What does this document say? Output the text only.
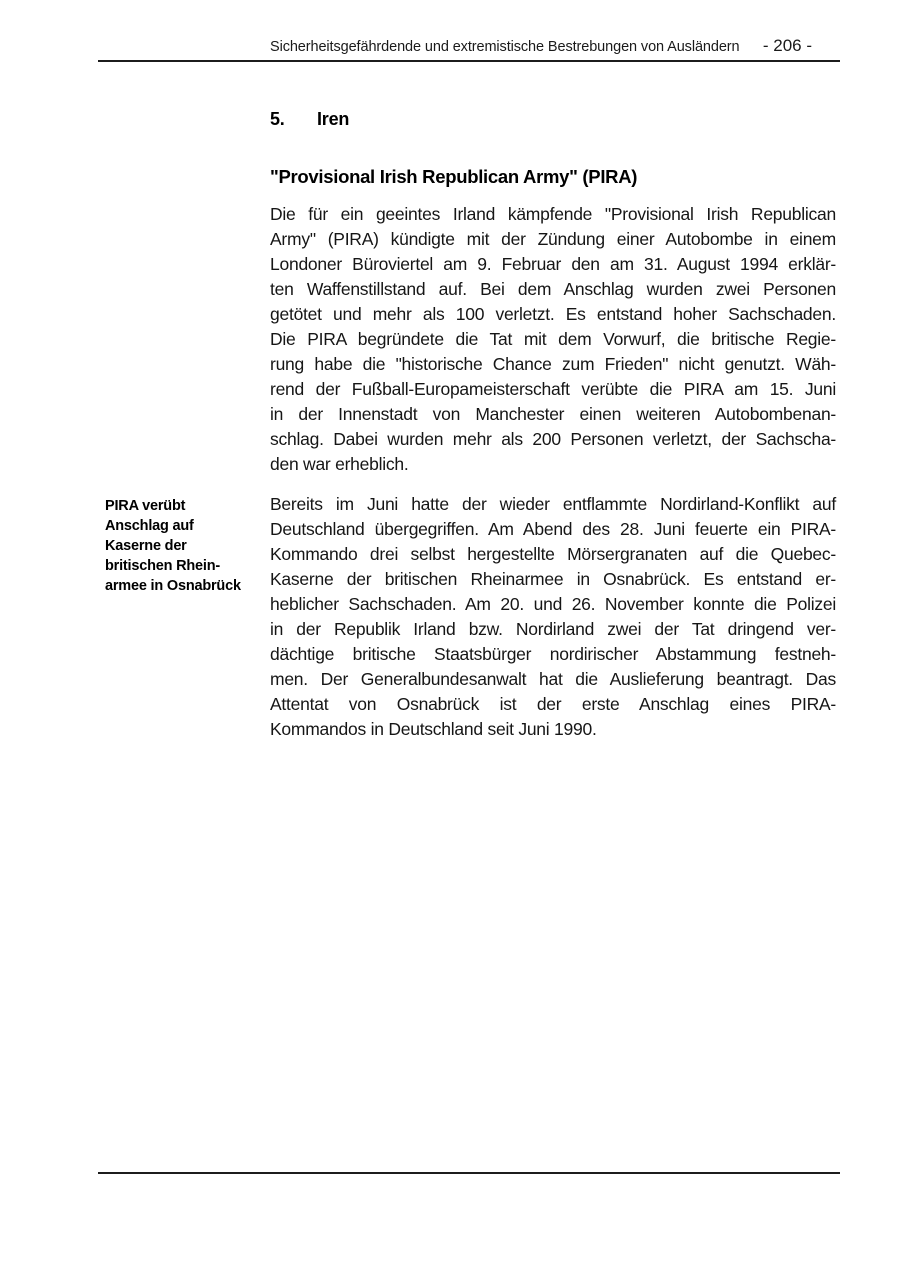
Sicherheitsgefährdende und extremistische Bestrebungen von Ausländern - 206 -
5. Iren
"Provisional Irish Republican Army" (PIRA)
Die für ein geeintes Irland kämpfende "Provisional Irish Republican
Army" (PIRA) kündigte mit der Zündung einer Autobombe in einem
Londoner Büroviertel am 9. Februar den am 31. August 1994 erklär-
ten Waffenstillstand auf. Bei dem Anschlag wurden zwei Personen
getötet und mehr als 100 verletzt. Es entstand hoher Sachschaden.
Die PIRA begründete die Tat mit dem Vorwurf, die britische Regie-
rung habe die "historische Chance zum Frieden" nicht genutzt. Wäh-
rend der Fußball-Europameisterschaft verübte die PIRA am 15. Juni
in der Innenstadt von Manchester einen weiteren Autobombenan-
schlag. Dabei wurden mehr als 200 Personen verletzt, der Sachscha-
den war erheblich.
PIRA verübt
Anschlag auf
Kaserne der
britischen Rhein-
armee in Osnabrück
Bereits im Juni hatte der wieder entflammte Nordirland-Konflikt auf
Deutschland übergegriffen. Am Abend des 28. Juni feuerte ein PIRA-
Kommando drei selbst hergestellte Mörsergranaten auf die Quebec-
Kaserne der britischen Rheinarmee in Osnabrück. Es entstand er-
heblicher Sachschaden. Am 20. und 26. November konnte die Polizei
in der Republik Irland bzw. Nordirland zwei der Tat dringend ver-
dächtige britische Staatsbürger nordirischer Abstammung festneh-
men. Der Generalbundesanwalt hat die Auslieferung beantragt. Das
Attentat von Osnabrück ist der erste Anschlag eines PIRA-
Kommandos in Deutschland seit Juni 1990.
